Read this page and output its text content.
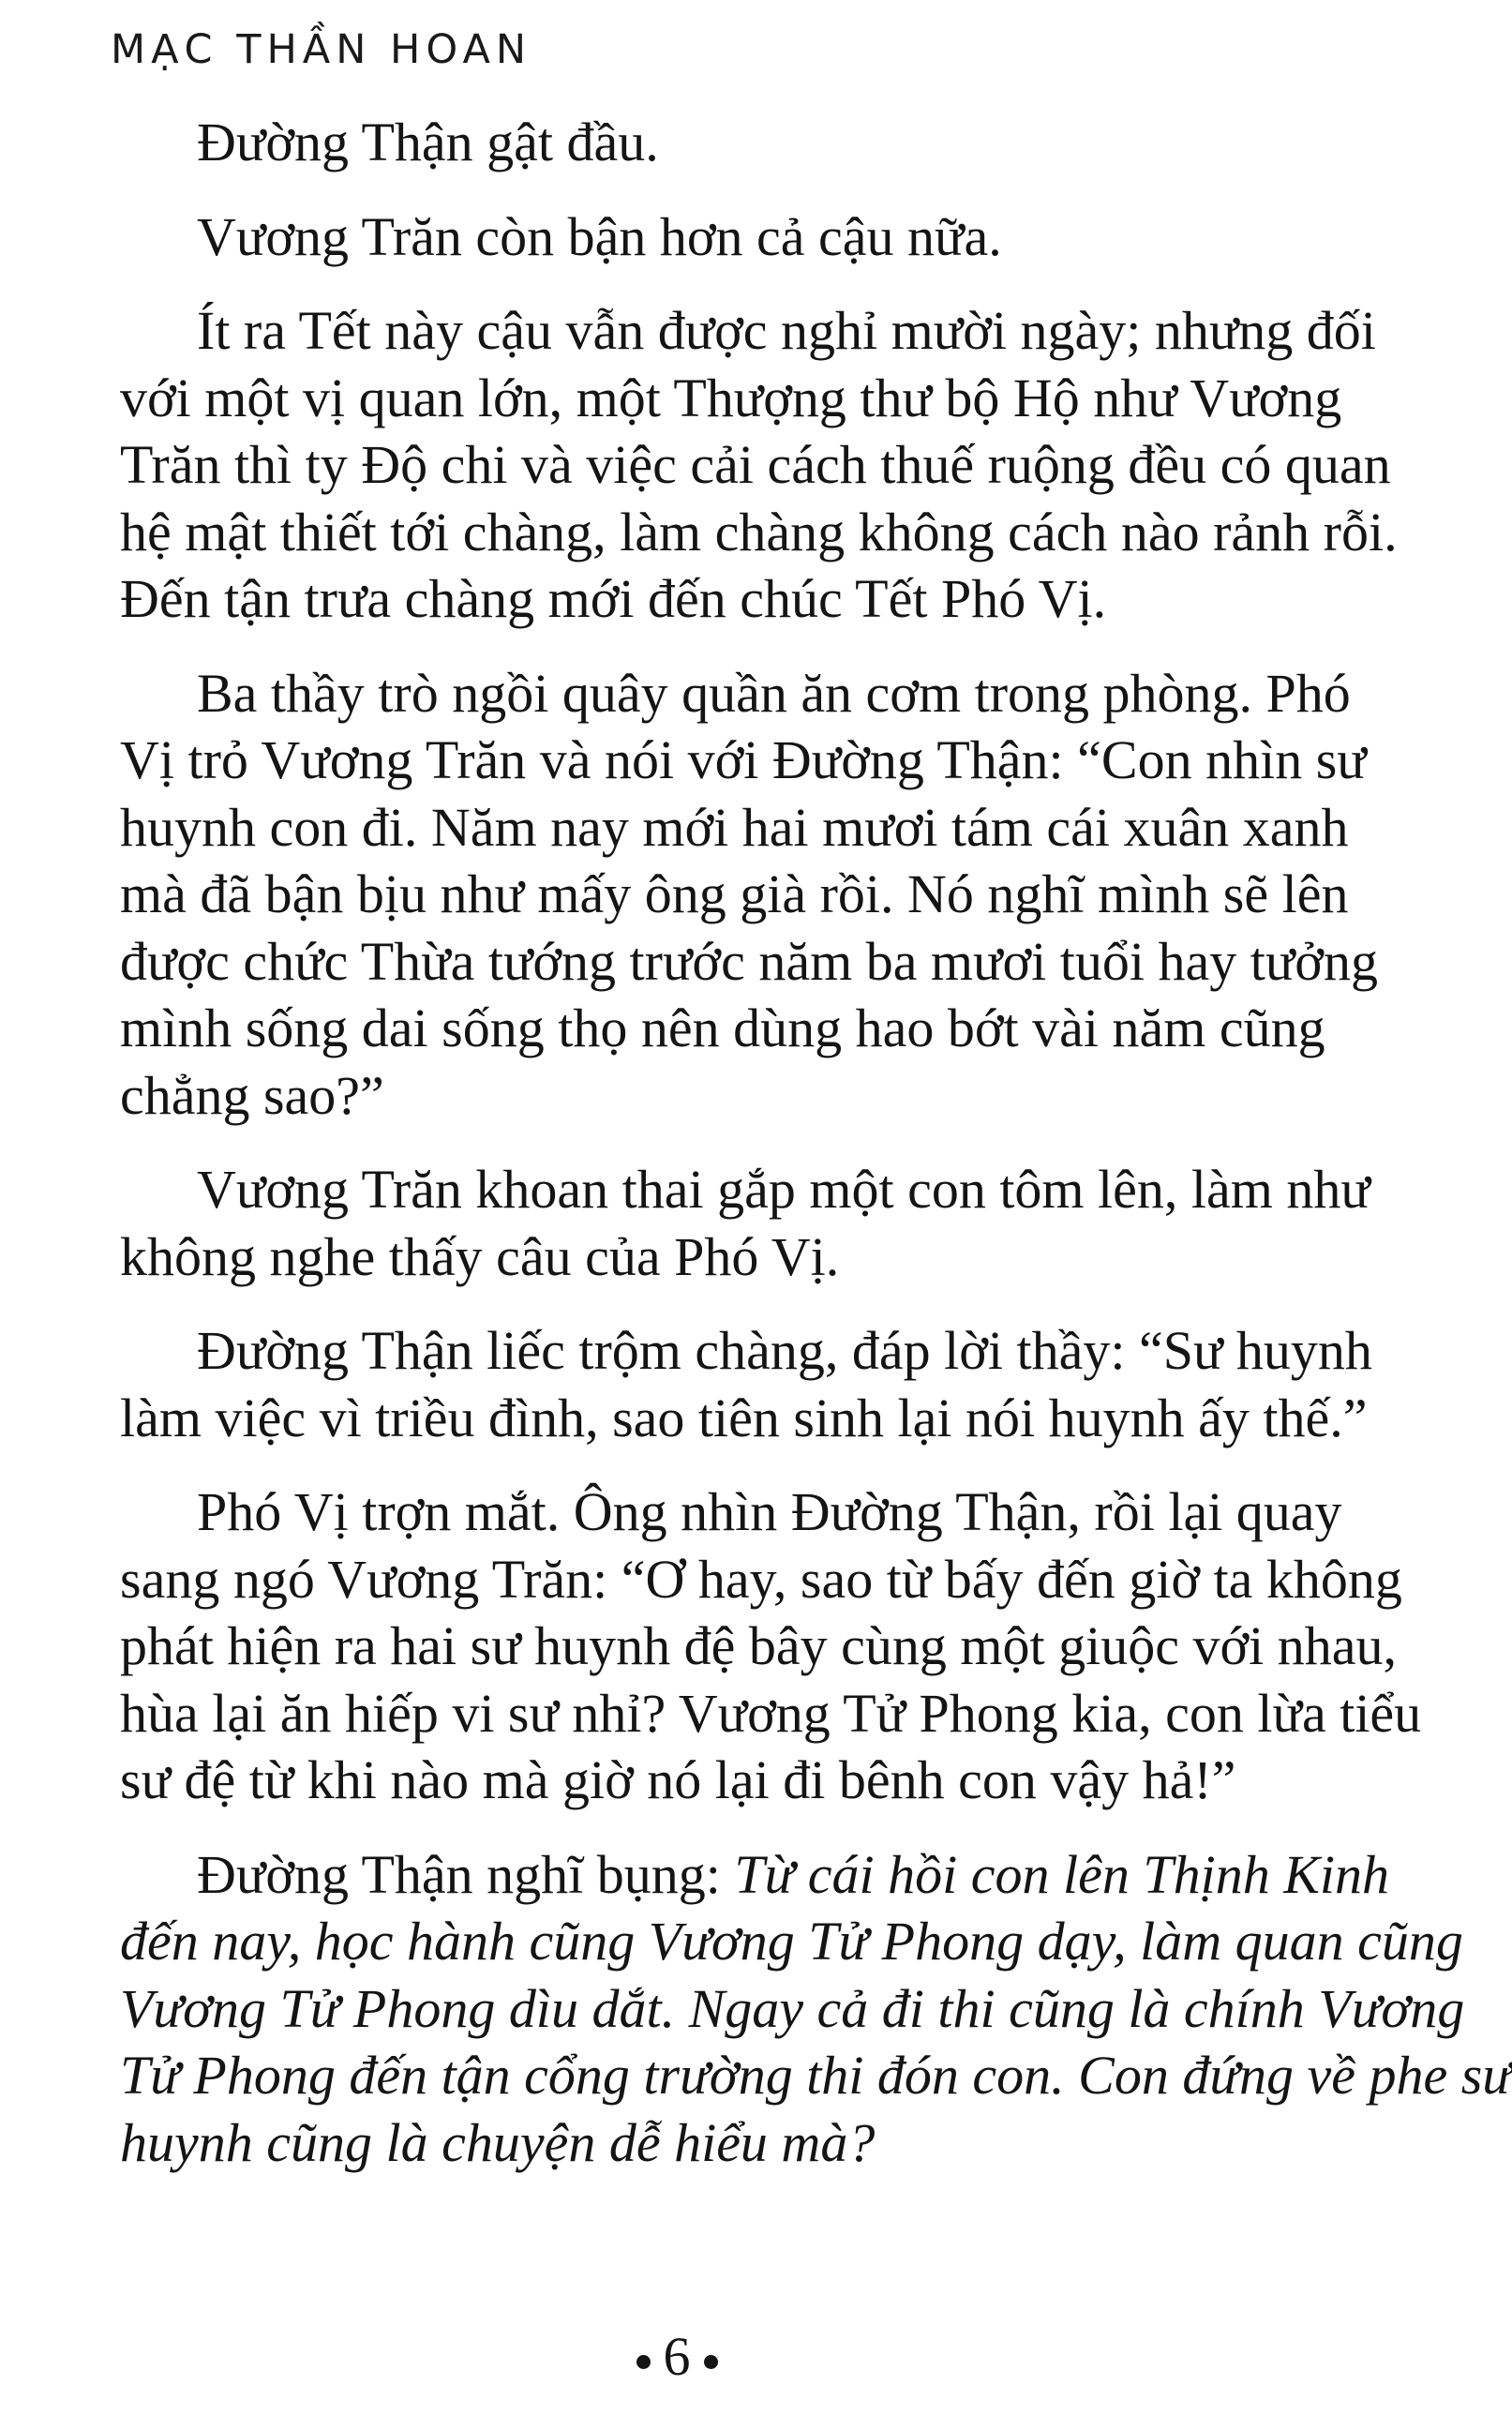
MẠC THẦN HOAN

Đường Thận gật đầu.

Vương Trăn còn bận hơn cả cậu nữa.

Ít ra Tết này cậu vẫn được nghỉ mười ngày; nhưng đối
với một vị quan lớn, một Thượng thư bộ Hộ như Vương
Trăn thì ty Độ chi và việc cải cách thuế ruộng đều có quan
hệ mật thiết tới chàng, làm chàng không cách nào rảnh rỗi.
Đến tận trưa chàng mới đến chúc Tết Phó Vị.

Ba thầy trò ngồi quây quần ăn cơm trong phòng. Phó
Vị trỏ Vương Trăn và nói với Đường Thận: “Con nhìn sư
huynh con đi. Năm nay mới hai mươi tám cái xuân xanh
mà đã bận bịu như mấy ông già rồi. Nó nghĩ mình sẽ lên
được chức Thừa tướng trước năm ba mươi tuổi hay tưởng
mình sống dai sống thọ nên dùng hao bớt vài năm cũng
chẳng sao?”

Vương Trăn khoan thai gắp một con tôm lên, làm như
không nghe thấy câu của Phó Vị.

Đường Thận liếc trộm chàng, đáp lời thầy: “Sư huynh
làm việc vì triều đình, sao tiên sinh lại nói huynh ấy thế.”

Phó Vị trợn mắt. Ông nhìn Đường Thận, rồi lại quay
sang ngó Vương Trăn: “Ơ hay, sao từ bấy đến giờ ta không
phát hiện ra hai sư huynh đệ bây cùng một giuộc với nhau,
hùa lại ăn hiếp vi sư nhỉ? Vương Tử Phong kia, con lừa tiểu
sư đệ từ khi nào mà giờ nó lại đi bênh con vậy hả!”

Đường Thận nghĩ bụng: Từ cái hồi con lên Thịnh Kinh
đến nay, học hành cũng Vương Tử Phong dạy, làm quan cũng
Vương Tử Phong dìu dắt. Ngay cả đi thi cũng là chính Vương
Tử Phong đến tận cổng trường thi đón con. Con đứng về phe sư
huynh cũng là chuyện dễ hiểu mà?

6
